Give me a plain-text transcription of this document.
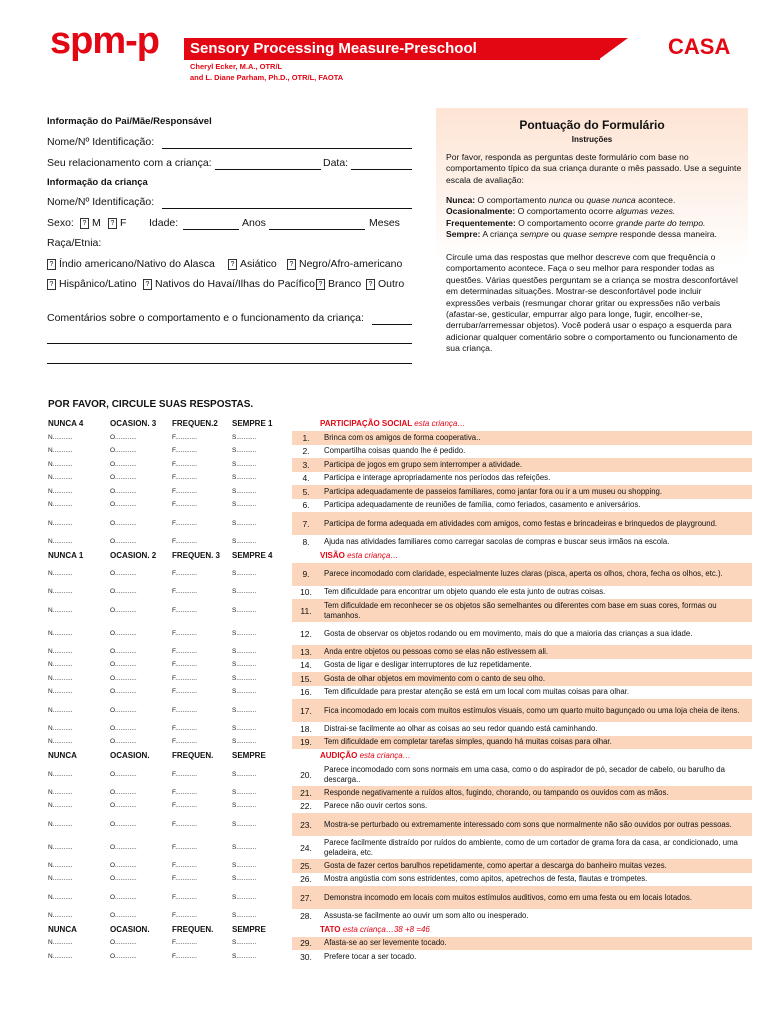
spm-p Sensory Processing Measure-Preschool	CASA
Cheryl Ecker, M.A., OTR/L
and L. Diane Parham, Ph.D., OTR/L, FAOTA
Informação do Pai/Mãe/Responsável
Nome/Nº Identificação:
Seu relacionamento com a criança:	Data:
Informação da criança
Nome/Nº Identificação:
Sexo:	? M	? F Idade:	Anos	Meses
Raça/Etnia:
? Índio americano/Nativo do Alasca	? Asiático	? Negro/Afro-americano
? Hispânico/Latino	? Nativos do Havaí/Ilhas do Pacífico ? Branco	? Outro
Comentários sobre o comportamento e o funcionamento da criança:
Pontuação do Formulário
Instruções
Por favor, responda as perguntas deste formulário com base no comportamento típico da sua criança durante o mês passado. Use a seguinte escala de avaliação:
Nunca: O comportamento nunca ou quase nunca acontece.
Ocasionalmente: O comportamento ocorre algumas vezes.
Frequentemente: O comportamento ocorre grande parte do tempo.
Sempre: A criança sempre ou quase sempre responde dessa maneira.
Circule uma das respostas que melhor descreve com que frequência o comportamento acontece. Faça o seu melhor para responder todas as questões. Várias questões perguntam se a criança se mostra desconfortável em determinadas situações. Mostrar-se desconfortável pode incluir expressões verbais (resmungar chorar gritar ou expressões não verbais (afastar-se, gesticular, empurrar algo para longe, fugir, encolher-se, derrubar/arremessar objetos). Você poderá usar o espaço a esquerda para adicionar qualquer comentário sobre o comportamento ou funcionamento de sua criança.
POR FAVOR, CIRCULE SUAS RESPOSTAS.
NUNCA 4	OCASION. 3	FREQUEN.2	SEMPRE 1		PARTICIPAÇÃO SOCIAL esta criança…
N...........	O............	F............	S...........	1.	Brinca com os amigos de forma cooperativa..
N...........	O............	F............	S...........	2.	Compartilha coisas quando lhe é pedido.
N...........	O............	F............	S...........	3.	Participa de jogos em grupo sem interromper a atividade.
N...........	O............	F............	S...........	4.	Participa e interage apropriadamente nos períodos das refeições.
N...........	O............	F............	S...........	5.	Participa adequadamente de passeios familiares, como jantar fora ou ir a um museu ou shopping.
N...........	O............	F............	S...........	6.	Participa adequadamente de reuniões de família, como feriados, casamento e aniversários.
N...........	O............	F............	S...........	7.	Participa de forma adequada em atividades com amigos, como festas e brincadeiras e brinquedos de playground.
N...........	O............	F............	S...........	8.	Ajuda nas atividades familiares como carregar sacolas de compras e buscar seus irmãos na escola.
NUNCA 1	OCASION. 2	FREQUEN. 3	SEMPRE 4		VISÃO esta criança…
N...........	O............	F............	S...........	9.	Parece incomodado com claridade, especialmente luzes claras (pisca, aperta os olhos, chora, fecha os olhos, etc.).
N...........	O............	F............	S...........	10.	Tem dificuldade para encontrar um objeto quando ele esta junto de outras coisas.
N...........	O............	F............	S...........	11.	Tem dificuldade em reconhecer se os objetos são semelhantes ou diferentes com base em suas cores, formas ou tamanhos.
N...........	O............	F............	S...........	12.	Gosta de observar os objetos rodando ou em movimento, mais do que a maioria das crianças a sua idade.
N...........	O............	F............	S...........	13.	Anda entre objetos ou pessoas como se elas não estivessem ali.
N...........	O............	F............	S...........	14.	Gosta de ligar e desligar interruptores de luz repetidamente.
N...........	O............	F............	S...........	15.	Gosta de olhar objetos em movimento com o canto de seu olho.
N...........	O............	F............	S...........	16.	Tem dificuldade para prestar atenção se está em um local com muitas coisas para olhar.
N...........	O............	F............	S...........	17.	Fica incomodado em locais com muitos estímulos visuais, como um quarto muito bagunçado ou uma loja cheia de itens.
N...........	O............	F............	S...........	18.	Distrai-se facilmente ao olhar as coisas ao seu redor quando está caminhando.
N...........	O............	F............	S...........	19.	Tem dificuldade em completar tarefas simples, quando há muitas coisas para olhar.
NUNCA	OCASION.	FREQUEN.	SEMPRE		AUDIÇÃO esta criança…
N...........	O............	F............	S...........	20.	Parece incomodado com sons normais em uma casa, como o do aspirador de pó, secador de cabelo, ou barulho da descarga..
N...........	O............	F............	S...........	21.	Responde negativamente a ruídos altos, fugindo, chorando, ou tampando os ouvidos com as mãos.
N...........	O............	F............	S...........	22.	Parece não ouvir certos sons.
N...........	O............	F............	S...........	23.	Mostra-se perturbado ou extremamente interessado com sons que normalmente não são ouvidos por outras pessoas.
N...........	O............	F............	S...........	24.	Parece facilmente distraído por ruídos do ambiente, como de um cortador de grama fora da casa, ar condicionado, uma geladeira, etc.
N...........	O............	F............	S...........	25.	Gosta de fazer certos barulhos repetidamente, como apertar a descarga do banheiro muitas vezes.
N...........	O............	F............	S...........	26.	Mostra angústia com sons estridentes, como apitos, apetrechos de festa, flautas e trompetes.
N...........	O............	F............	S...........	27.	Demonstra incomodo em locais com muitos estímulos auditivos, como em uma festa ou em locais lotados.
N...........	O............	F............	S...........	28.	Assusta-se facilmente ao ouvir um som alto ou inesperado.
NUNCA	OCASION.	FREQUEN.	SEMPRE		TATO esta criança…38 +8 =46
N...........	O............	F............	S...........	29.	Afasta-se ao ser levemente tocado.
N...........	O............	F............	S...........	30.	Prefere tocar a ser tocado.
